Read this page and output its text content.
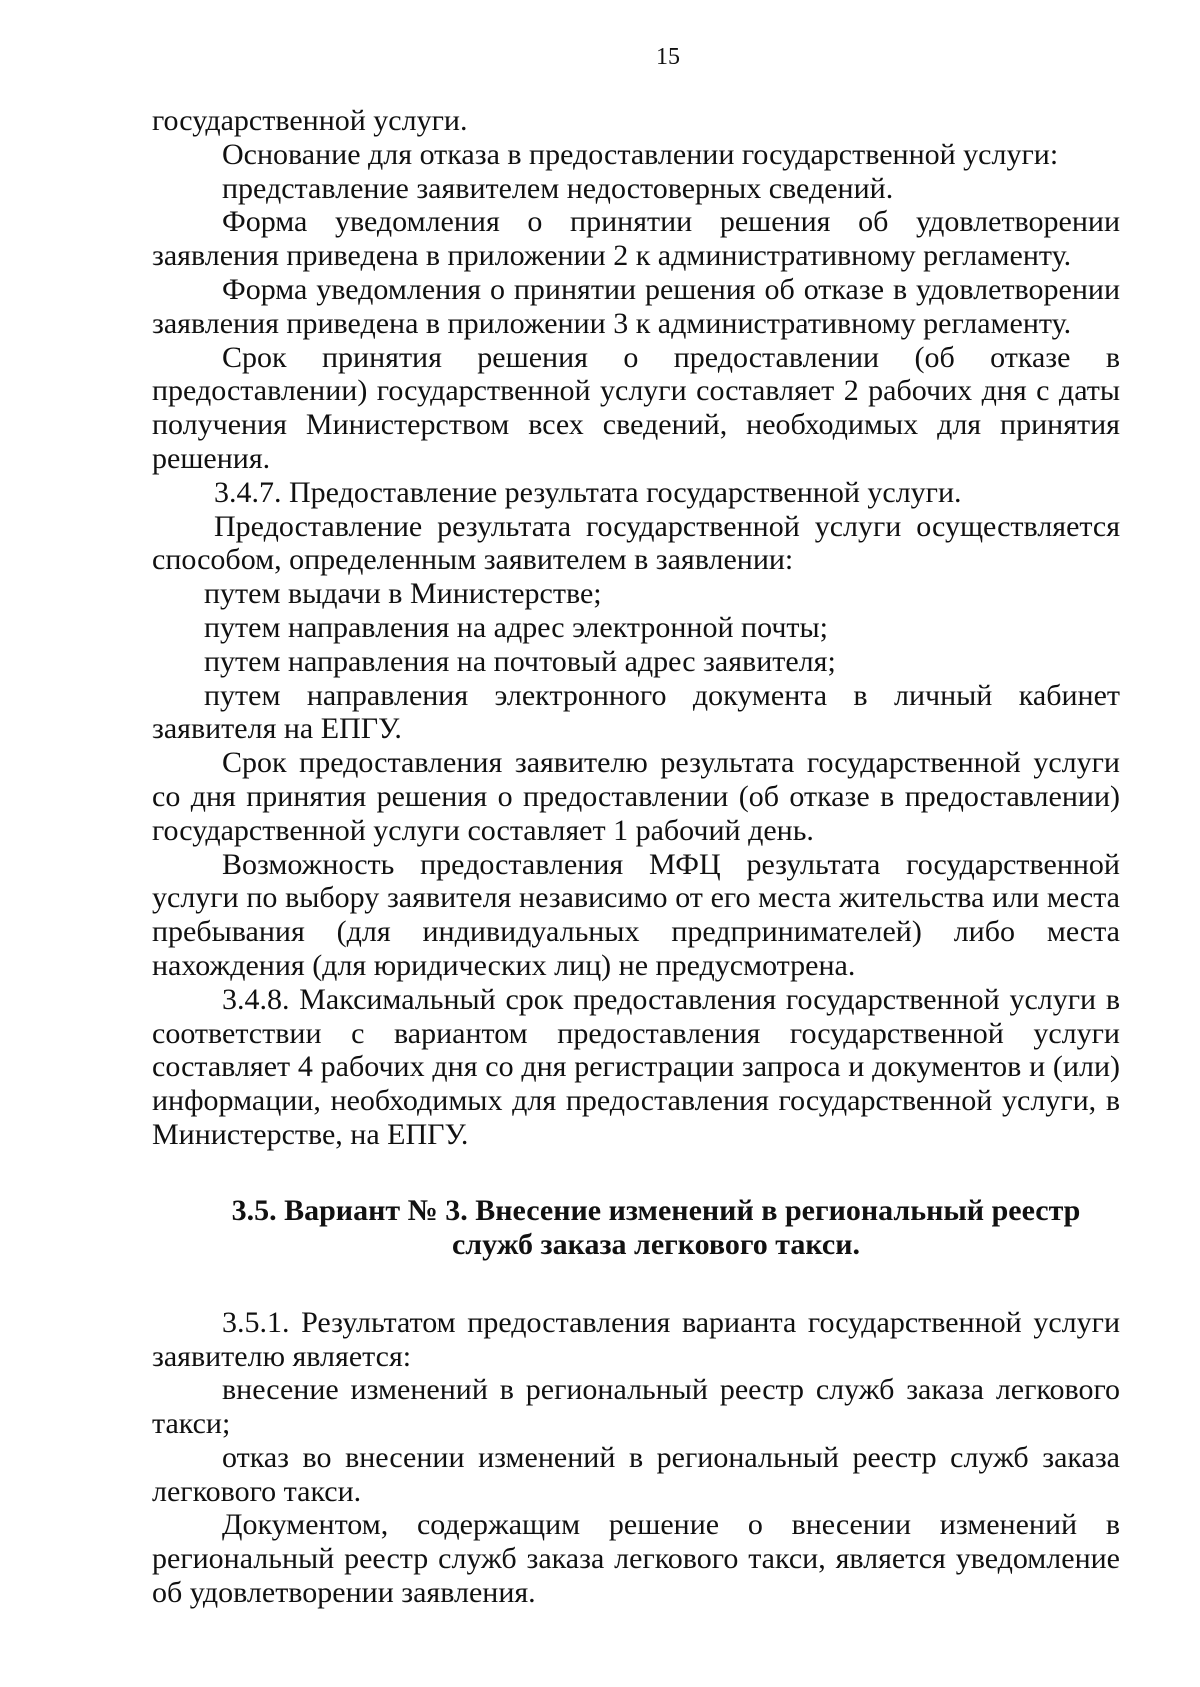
15

государственной услуги.

Основание для отказа в предоставлении государственной услуги:

представление заявителем недостоверных сведений.

Форма уведомления о принятии решения об удовлетворении заявления приведена в приложении 2 к административному регламенту.

Форма уведомления о принятии решения об отказе в удовлетворении заявления приведена в приложении 3 к административному регламенту.

Срок принятия решения о предоставлении (об отказе в предоставлении) государственной услуги составляет 2 рабочих дня с даты получения Министерством всех сведений, необходимых для принятия решения.

3.4.7. Предоставление результата государственной услуги.

Предоставление результата государственной услуги осуществляется способом, определенным заявителем в заявлении:

путем выдачи в Министерстве;

путем направления на адрес электронной почты;

путем направления на почтовый адрес заявителя;

путем направления электронного документа в личный кабинет заявителя на ЕПГУ.

Срок предоставления заявителю результата государственной услуги со дня принятия решения о предоставлении (об отказе в предоставлении) государственной услуги составляет 1 рабочий день.

Возможность предоставления МФЦ результата государственной услуги по выбору заявителя независимо от его места жительства или места пребывания (для индивидуальных предпринимателей) либо места нахождения (для юридических лиц) не предусмотрена.

3.4.8. Максимальный срок предоставления государственной услуги в соответствии с вариантом предоставления государственной услуги составляет 4 рабочих дня со дня регистрации запроса и документов и (или) информации, необходимых для предоставления государственной услуги, в Министерстве, на ЕПГУ.

3.5. Вариант № 3. Внесение изменений в региональный реестр
служб заказа легкового такси.

3.5.1. Результатом предоставления варианта государственной услуги заявителю является:

внесение изменений в региональный реестр служб заказа легкового такси;

отказ во внесении изменений в региональный реестр служб заказа легкового такси.

Документом, содержащим решение о внесении изменений в региональный реестр служб заказа легкового такси, является уведомление об удовлетворении заявления.
